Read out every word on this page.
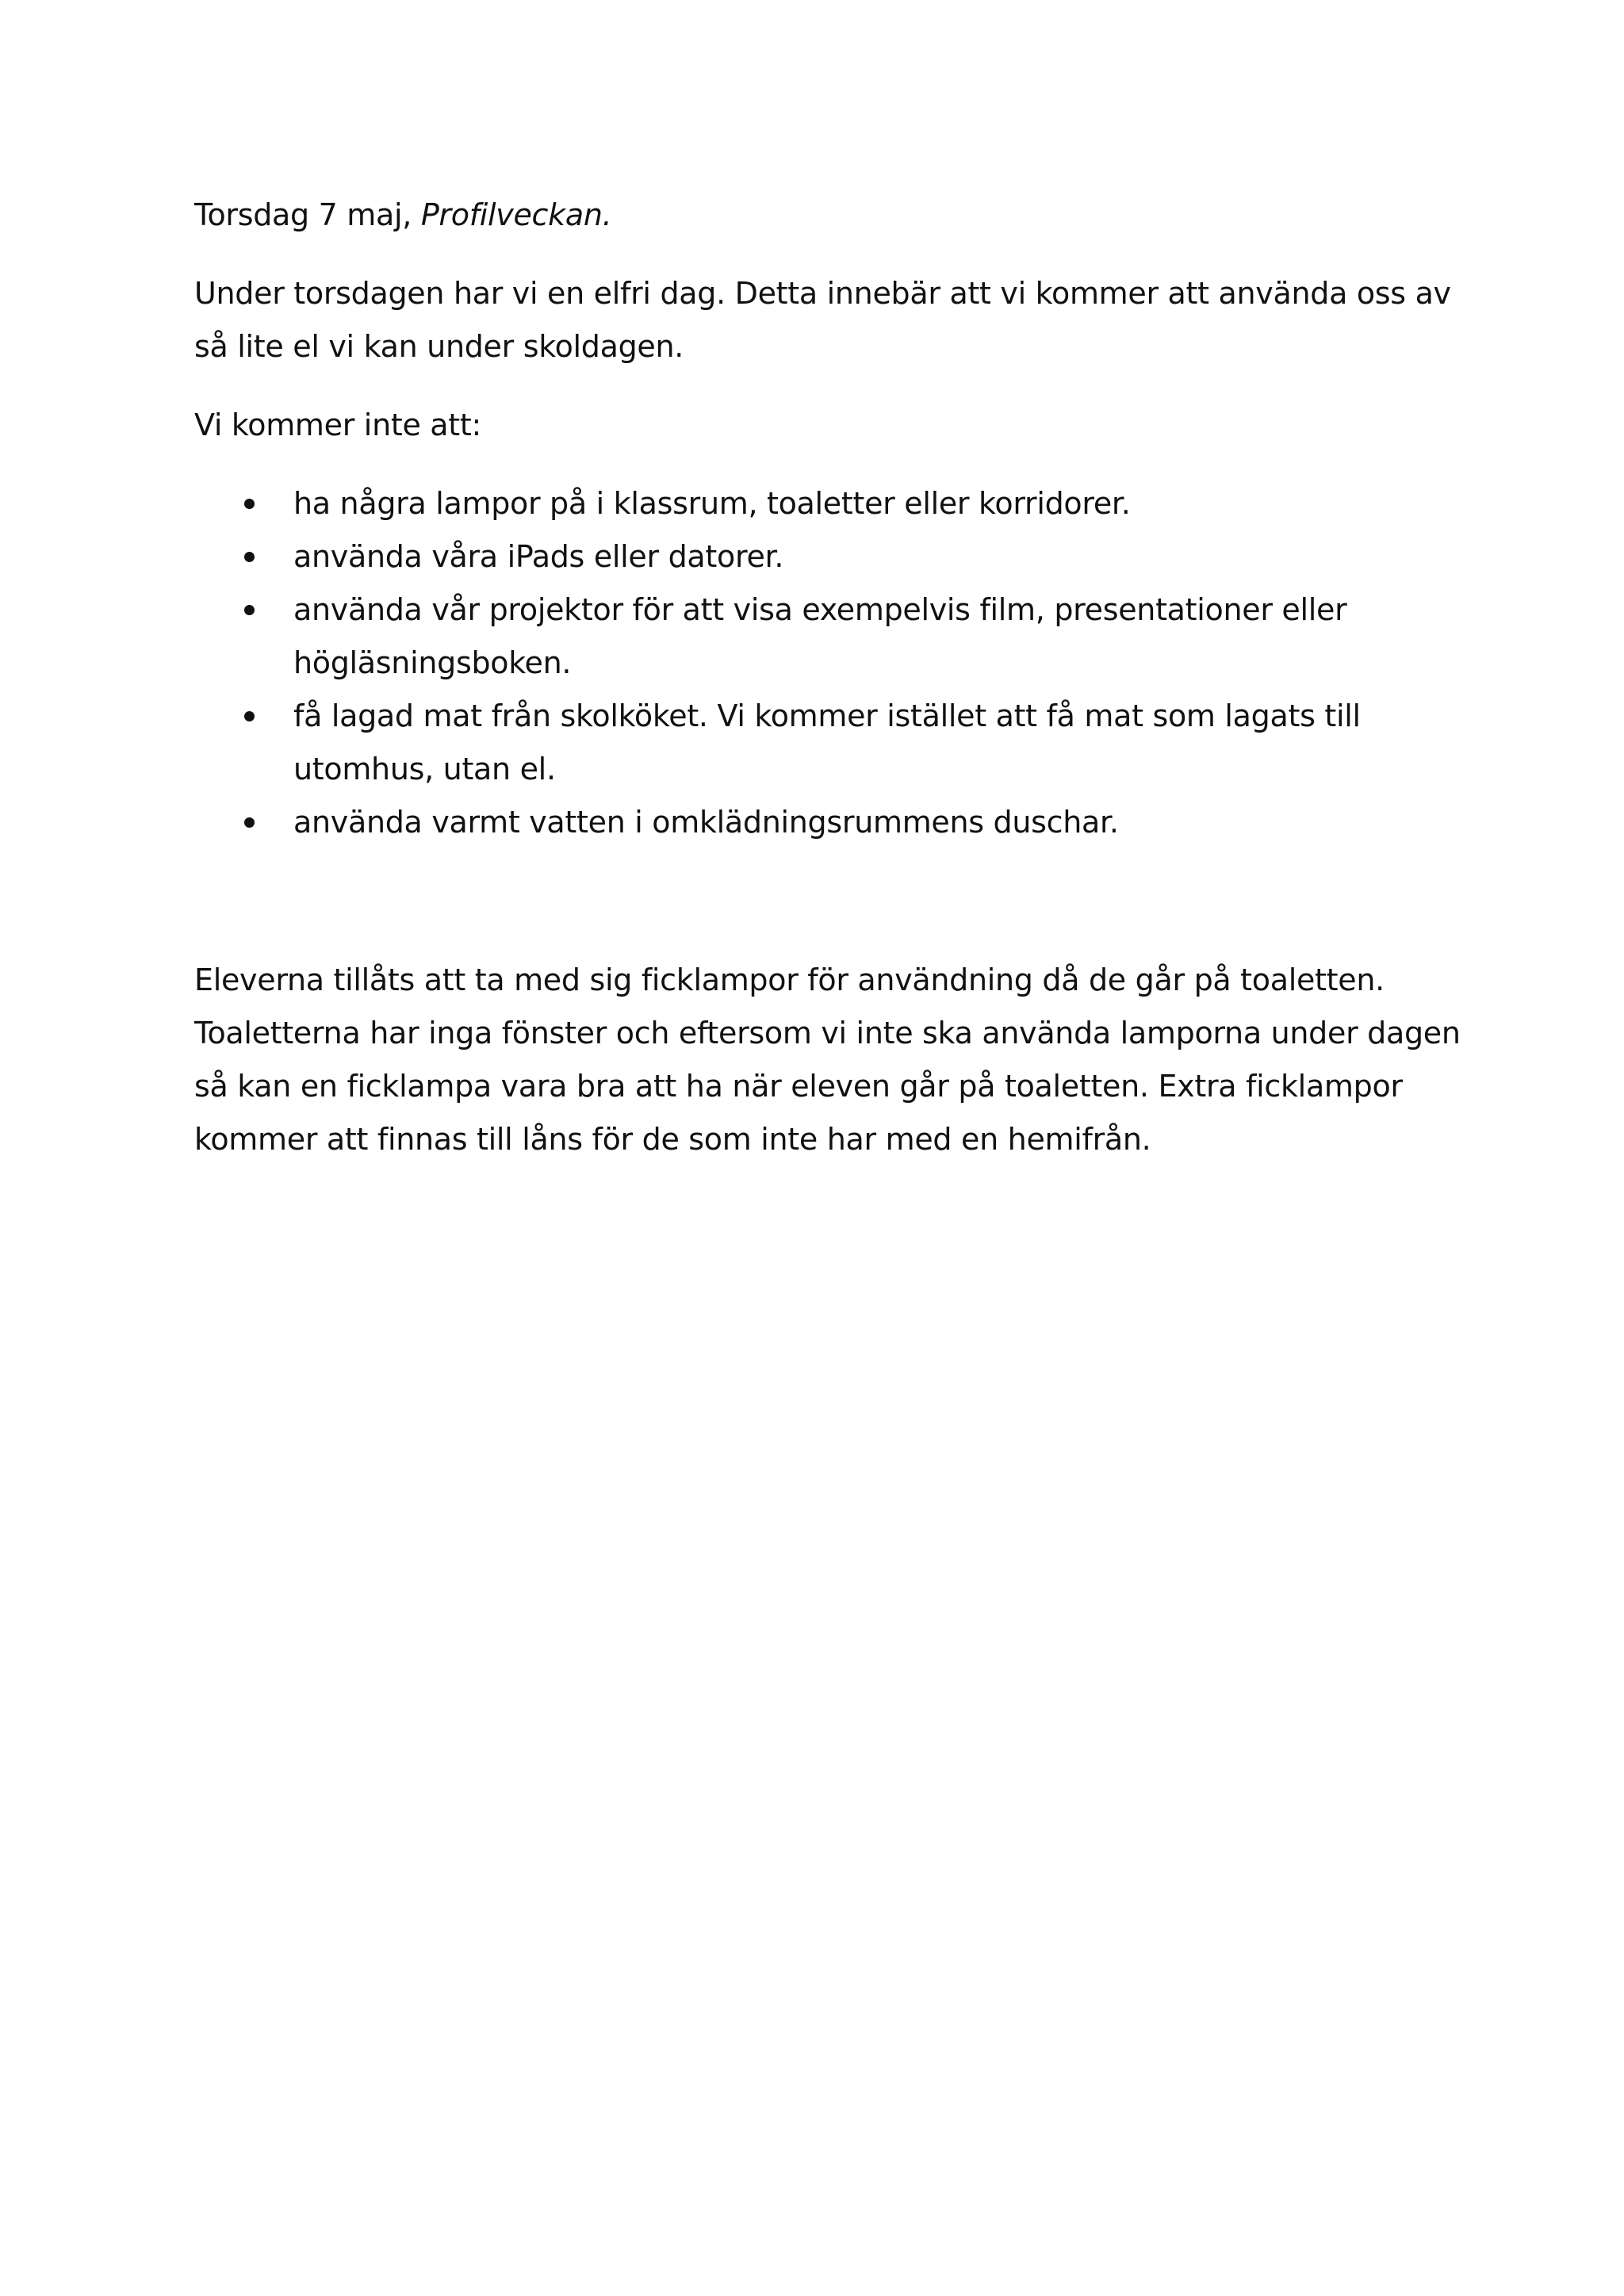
Torsdag 7 maj, Profilveckan.

Under torsdagen har vi en elfri dag. Detta innebär att vi kommer att använda oss av så lite el vi kan under skoldagen.

Vi kommer inte att:

ha några lampor på i klassrum, toaletter eller korridorer.
använda våra iPads eller datorer.
använda vår projektor för att visa exempelvis film, presentationer eller högläsningsboken.
få lagad mat från skolköket. Vi kommer istället att få mat som lagats till utomhus, utan el.
använda varmt vatten i omklädningsrummens duschar.

Eleverna tillåts att ta med sig ficklampor för användning då de går på toaletten. Toaletterna har inga fönster och eftersom vi inte ska använda lamporna under dagen så kan en ficklampa vara bra att ha när eleven går på toaletten. Extra ficklampor kommer att finnas till låns för de som inte har med en hemifrån.
